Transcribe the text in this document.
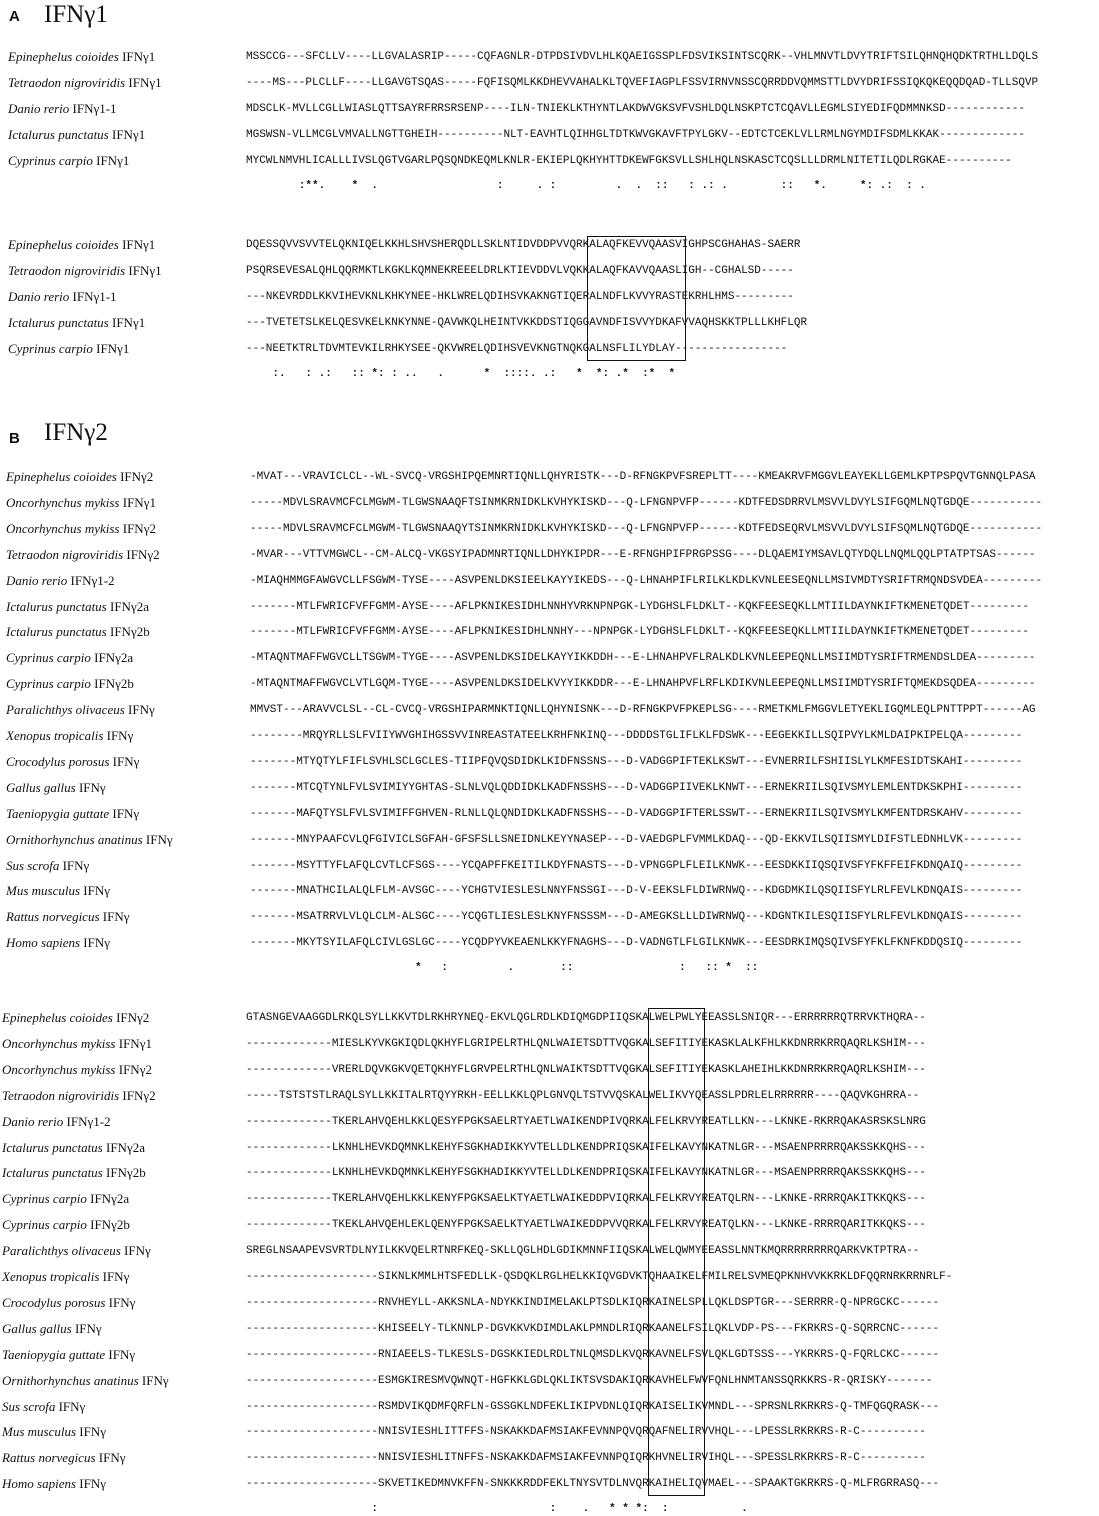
A IFNγ1
Epinephelus coioides IFNγ1	MSSCCG---SFCLLV----LLGVALASRIP-----CQFAGNLR-DTPDSIVDVLHLKQAEIGSSPLFDSVIKSINTSCQRK--VHLMNVTLDVYTRIFTSILQHNQHQDKTRTHLLDQLS
Tetraodon nigroviridis IFNγ1	----MS---PLCLLF----LLGAVGTSQAS-----FQFISQMLKKDHEVVAHALKLTQVEFIAGPLFSSVIRNVNSSCQRRDDVQMMSTTLDVYDRIFSSIQKQKEQQDQAD-TLLSQVP
Danio rerio IFNγ1-1	MDSCLK-MVLLCGLLWIASLQTTSAYRFRRSRSENP----ILN-TNIEKLKTHYNTLAKDWVGKSVFVSHLDQLNSKPTCTCQAVLLEGMLSIYEDIFQDMMNKSD------------
Ictalurus punctatus IFNγ1	MGSWSN-VLLMCGLVMVALLNGTTGHEIH----------NLT-EAVHTLQIHHGLTDTKWVGKAVFTPYLGKV--EDTCTCEKLVLLRMLNGYMDIFSDMLKKAK-------------
Cyprinus carpio IFNγ1	MYCWLNMVHLICALLLIVSLQGTVGARLPQSQNDKEQMLKNLR-EKIEPLQKHYHTTDKEWFGKSVLLSHLHQLNSKASCTCQSLLLDRMLNITETILQDLRGKAE----------
:**.    *  .                  :     . :         .  .  ::   : .: .        ::   *.     *: .:  : .
Epinephelus coioides IFNγ1	DQESSQVVSVVTELQKNIQELKKHLSHVSHERQDLLSKLNTIDVDDPVVQRKALAQFKEVVQAASVIGHPSCGHAHAS-SAERR
Tetraodon nigroviridis IFNγ1	PSQRSEVESALQHLQQRMKTLKGKLKQMNEKREEELDRLKTIEVDDVLVQKKALAQFKAVVQAASLIGH--CGHALSD-----
Danio rerio IFNγ1-1	---NKEVRDDLKKVIHEVKNLKHKYNEE-HKLWRELQDIHSVKAKNGTIQERALNDFLKVVYRASTEKRHLHMS---------
Ictalurus punctatus IFNγ1	---TVETETSLKELQESVKELKNKYNNE-QAVWKQLHEINTVKKDDSTIQGGAVNDFISVVYDKAFVVAQHSKKTPLLLKHFLQR
Cyprinus carpio IFNγ1	---NEETKTRLTDVMTEVKILRHKYSEE-QKVWRELQDIHSVEVKNGTNQKGALNSFLILYDLAY-----------------
:.   : .:   :: *: : ..   .      *  ::::. .:   *  *: .*  :*  *
B IFNγ2
Epinephelus coioides IFNγ2	-MVAT---VRAVICLCL--WL-SVCQ-VRGSHIPQEMNRTIQNLLQHYRISTK---D-RFNGKPVFSREPLTT----KMEAKRVFMGGVLEAYEKLLGEMLKPTPSPQVTGNNQLPASA
Oncorhynchus mykiss IFNγ1	-----MDVLSRAVMCFCLMGWM-TLGWSNAAQFTSINMKRNIDKLKVHYKISKD---Q-LFNGNPVFP------KDTFEDSDRRVLMSVVLDVYLSIFGQMLNQTGDQE-----------
Oncorhynchus mykiss IFNγ2	-----MDVLSRAVMCFCLMGWM-TLGWSNAAQYTSINMKRNIDKLKVHYKISKD---Q-LFNGNPVFP------KDTFEDSEQRVLMSVVLDVYLSIFSQMLNQTGDQE-----------
Tetraodon nigroviridis IFNγ2	-MVAR---VTTVMGWCL--CM-ALCQ-VKGSYIPADMNRTIQNLLDHYKIPDR---E-RFNGHPIFPRGPSSG----DLQAEMIYMSAVLQTYDQLLNQMLQQLPTATPTSAS------
Danio rerio IFNγ1-2	-MIAQHMMGFAWGVCLLFSGWM-TYSE----ASVPENLDKSIEELKAYYIKEDS---Q-LHNAHPIFLRILKLKDLKVNLEESEQNLLMSIVMDTYSRIFTRMQNDSVDEA---------
Ictalurus punctatus IFNγ2a	-------MTLFWRICFVFFGMM-AYSE----AFLPKNIKESIDHLNNHYVRKNPNPGK-LYDGHSLFLDKLT--KQKFEESEQKLLMTIILDAYNKIFTKMENETQDET---------
Ictalurus punctatus IFNγ2b	-------MTLFWRICFVFFGMM-AYSE----AFLPKNIKESIDHLNNHY---NPNPGK-LYDGHSLFLDKLT--KQKFEESEQKLLMTIILDAYNKIFTKMENETQDET---------
Cyprinus carpio IFNγ2a	-MTAQNTMAFFWGVCLLTSGWM-TYGE----ASVPENLDKSIDELKAYYIKKDDH---E-LHNAHPVFLRALKDLKVNLEEPEQNLLMSIIMDTYSRIFTRMENDSLDEA---------
Cyprinus carpio IFNγ2b	-MTAQNTMAFFWGVCLVTLGQM-TYGE----ASVPENLDKSIDELKVYYIKKDDR---E-LHNAHPVFLRFLKDIKVNLEEPEQNLLMSIIMDTYSRIFTQMEKDSQDEA---------
Paralichthys olivaceus IFNγ	MMVST---ARAVVCLSL--CL-CVCQ-VRGSHIPARMNKTIQNLLQHYNISNK---D-RFNGKPVFPKEPLSG----RMETKMLFMGGVLETYEKLIGQMLEQLPNTTPPT------AG
Xenopus tropicalis IFNγ	--------MRQYRLLSLFVIIYWVGHIHGSSVVINREASTATEELKRHFNKINQ---DDDDSTGLIFLKLFDSWK---EEGEKKILLSQIPVYLKMLDAIPKIPELQA---------
Crocodylus porosus IFNγ	-------MTYQTYLFIFLSVHLSCLGCLES-TIIPFQVQSDIDKLKIDFNSSNS---D-VADGGPIFTEKLKSWT---EVNERRILFSHIISLYLKMFESIDTSKAHI---------
Gallus gallus IFNγ	-------MTCQTYNLFVLSVIMIYYGHTAS-SLNLVQLQDDIDKLKADFNSSHS---D-VADGGPIIVEKLKNWT---ERNEKRIILSQIVSMYLEMLENTDKSKPHI---------
Taeniopygia guttate IFNγ	-------MAFQTYSLFVLSVIMIFFGHVEN-RLNLLQLQNDIDKLKADFNSSHS---D-VADGGPIFTERLSSWT---ERNEKRIILSQIVSMYLKMFENTDRSKAHV---------
Ornithorhynchus anatinus IFNγ	-------MNYPAAFCVLQFGIVICLSGFAH-GFSFSLLSNEIDNLKEYYNASEP---D-VAEDGPLFVMMLKDAQ---QD-EKKVILSQIISMYLDIFSTLEDNHLVK---------
Sus scrofa IFNγ	-------MSYTTYFLAFQLCVTLCFSGS----YCQAPFFKEITILKDYFNASTS---D-VPNGGPLFLEILKNWK---EESDKKIIQSQIVSFYFKFFEIFKDNQAIQ---------
Mus musculus IFNγ	-------MNATHCILALQLFLM-AVSGC----YCHGTVIESLESLNNYFNSSGI---D-V-EEKSLFLDIWRNWQ---KDGDMKILQSQIISFYLRLFEVLKDNQAIS---------
Rattus norvegicus IFNγ	-------MSATRRVLVLQLCLM-ALSGC----YCQGTLIESLESLKNYFNSSSM---D-AMEGKSLLLDIWRNWQ---KDGNTKILESQIISFYLRLFEVLKDNQAIS---------
Homo sapiens IFNγ	-------MKYTSYILAFQLCIVLGSLGC----YCQDPYVKEAENLKKYFNAGHS---D-VADNGTLFLGILKNWK---EESDRKIMQSQIVSFYFKLFKNFKDDQSIQ---------
*   :         .       ::                :   :: *  ::
Epinephelus coioides IFNγ2	GTASNGEVAAGGDLRKQLSYLLKKVTDLRKHRYNEQ-EKVLQGLRDLKDIQMGDPIIQSKALWELPWLYEEASSLSNIQR---ERRRRRRQTRRVKTHQRA--
Oncorhynchus mykiss IFNγ1	-------------MIESLKYVKGKIQDLQKHYFLGRIPELRTHLQNLWAIETSDTTVQGKALSEFITIYEKASKLALKFHLKKDNRRKRRQAQRLKSHIM---
Oncorhynchus mykiss IFNγ2	-------------VRERLDQVKGKVQETQKHYFLGRVPELRTHLQNLWAIKTSDTTVQGKALSEFITIYEKASKLAHEIHLKKDNRRKRRQAQRLKSHIM---
Tetraodon nigroviridis IFNγ2	-----TSTSTSTLRAQLSYLLKKITALRTQYYRKH-EELLKKLQPLGNVQLTSTVVQSKALWELIKVYQEASSLPDRLELRRRRRR----QAQVKGHRRA--
Danio rerio IFNγ1-2	-------------TKERLAHVQEHLKKLQESYFPGKSAELRTYAETLWAIKENDPIVQRKALFELKRVYREATLLKN---LKNKE-RKRRQAKASRSKSLNRG
Ictalurus punctatus IFNγ2a	-------------LKNHLHEVKDQMNKLKEHYFSGKHADIKKYVTELLDLKENDPRIQSKAIFELKAVYNKATNLGR---MSAENPRRRRQAKSSKKQHS---
Ictalurus punctatus IFNγ2b	-------------LKNHLHEVKDQMNKLKEHYFSGKHADIKKYVTELLDLKENDPRIQSKAIFELKAVYNKATNLGR---MSAENPRRRRQAKSSKKQHS---
Cyprinus carpio IFNγ2a	-------------TKERLAHVQEHLKKLKENYFPGKSAELKTYAETLWAIKEDDPVIQRKALFELKRVYREATQLRN---LKNKE-RRRRQAKITKKQKS---
Cyprinus carpio IFNγ2b	-------------TKEKLAHVQEHLEKLQENYFPGKSAELKTYAETLWAIKEDDPVVQRKALFELKRVYREATQLKN---LKNKE-RRRRQARITKKQKS---
Paralichthys olivaceus IFNγ	SREGLNSAAPEVSVRTDLNYILKKVQELRTNRFKEQ-SKLLQGLHDLGDIKMNNFIIQSKALWELQWMYEEASSLNNTKMQRRRRRRRRQARKVKTPTRA--
Xenopus tropicalis IFNγ	--------------------SIKNLKMMLHTSFEDLLK-QSDQKLRGLHELKKIQVGDVKTQHAAIKELFMILRELSVMEQPKNHVVKKRKLDFQQRNRKRRNRLF-
Crocodylus porosus IFNγ	--------------------RNVHEYLL-AKKSNLA-NDYKKINDIMELAKLPTSDLKIQRKAINELSPLLQKLDSPTGR---SERRRR-Q-NPRGCKC------
Gallus gallus IFNγ	--------------------KHISEELY-TLKNNLP-DGVKKVKDIMDLAKLPMNDLRIQRKAANELFSILQKLVDP-PS---FKRKRS-Q-SQRRCNC------
Taeniopygia guttate IFNγ	--------------------RNIAEELS-TLKESLS-DGSKKIEDLRDLTNLQMSDLKVQRKAVNELFSVLQKLGDTSSS---YKRKRS-Q-FQRLCKC------
Ornithorhynchus anatinus IFNγ	--------------------ESMGKIRESMVQWNQT-HGFKKLGDLQKLIKTSVSDAKIQRKAVHELFWVFQNLHNMTANSSQRKKRS-R-QRISKY-------
Sus scrofa IFNγ	--------------------RSMDVIKQDMFQRFLN-GSSGKLNDFEKLIKIPVDNLQIQRKAISELIKVMNDL---SPRSNLRKRKRS-Q-TMFQGQRASK---
Mus musculus IFNγ	--------------------NNISVIESHLITTFFS-NSKAKKDAFMSIAKFEVNNPQVQRQAFNELIRVVHQL---LPESSLRKRKRS-R-C----------
Rattus norvegicus IFNγ	--------------------NNISVIESHLITNFFS-NSKAKKDAFMSIAKFEVNNPQIQRKHVNELIRVIHQL---SPESSLRKRKRS-R-C----------
Homo sapiens IFNγ	--------------------SKVETIKEDMNVKFFN-SNKKKRDDFEKLTNYSVTDLNVQRKAIHELIQVMAEL---SPAAKTGKRKRS-Q-MLFRGRRASQ---
:                          :    .   * * *:  :           .
